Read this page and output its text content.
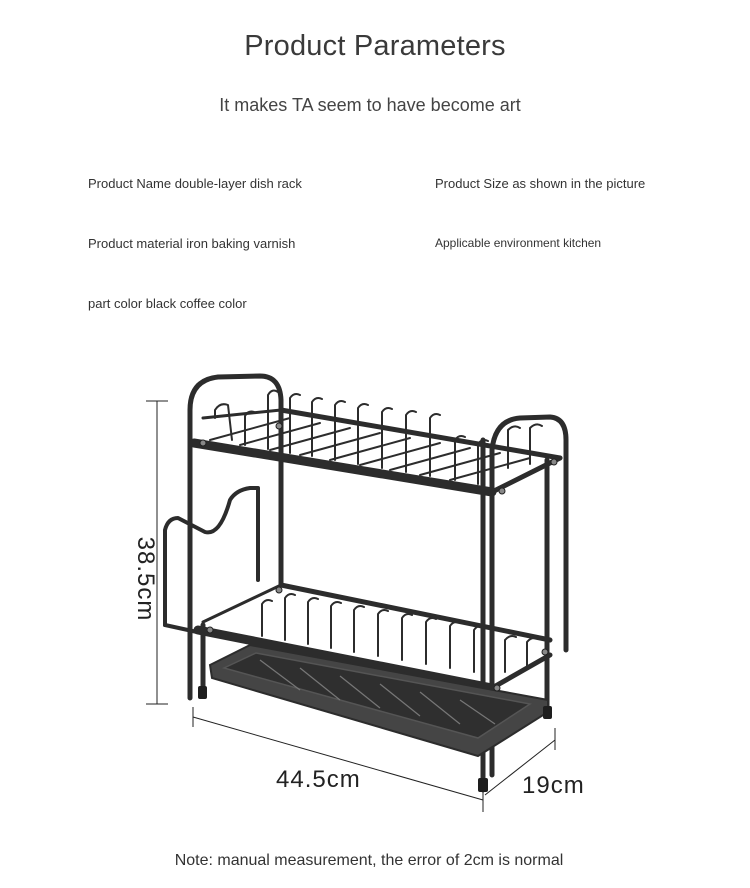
Product Parameters
It makes TA seem to have become art
Product Name double-layer dish rack	Product Size as shown in the picture
Product material iron baking varnish	Applicable environment kitchen
part color black coffee color
38.5cm
44.5cm	19cm
Note: manual measurement, the error of 2cm is normal
